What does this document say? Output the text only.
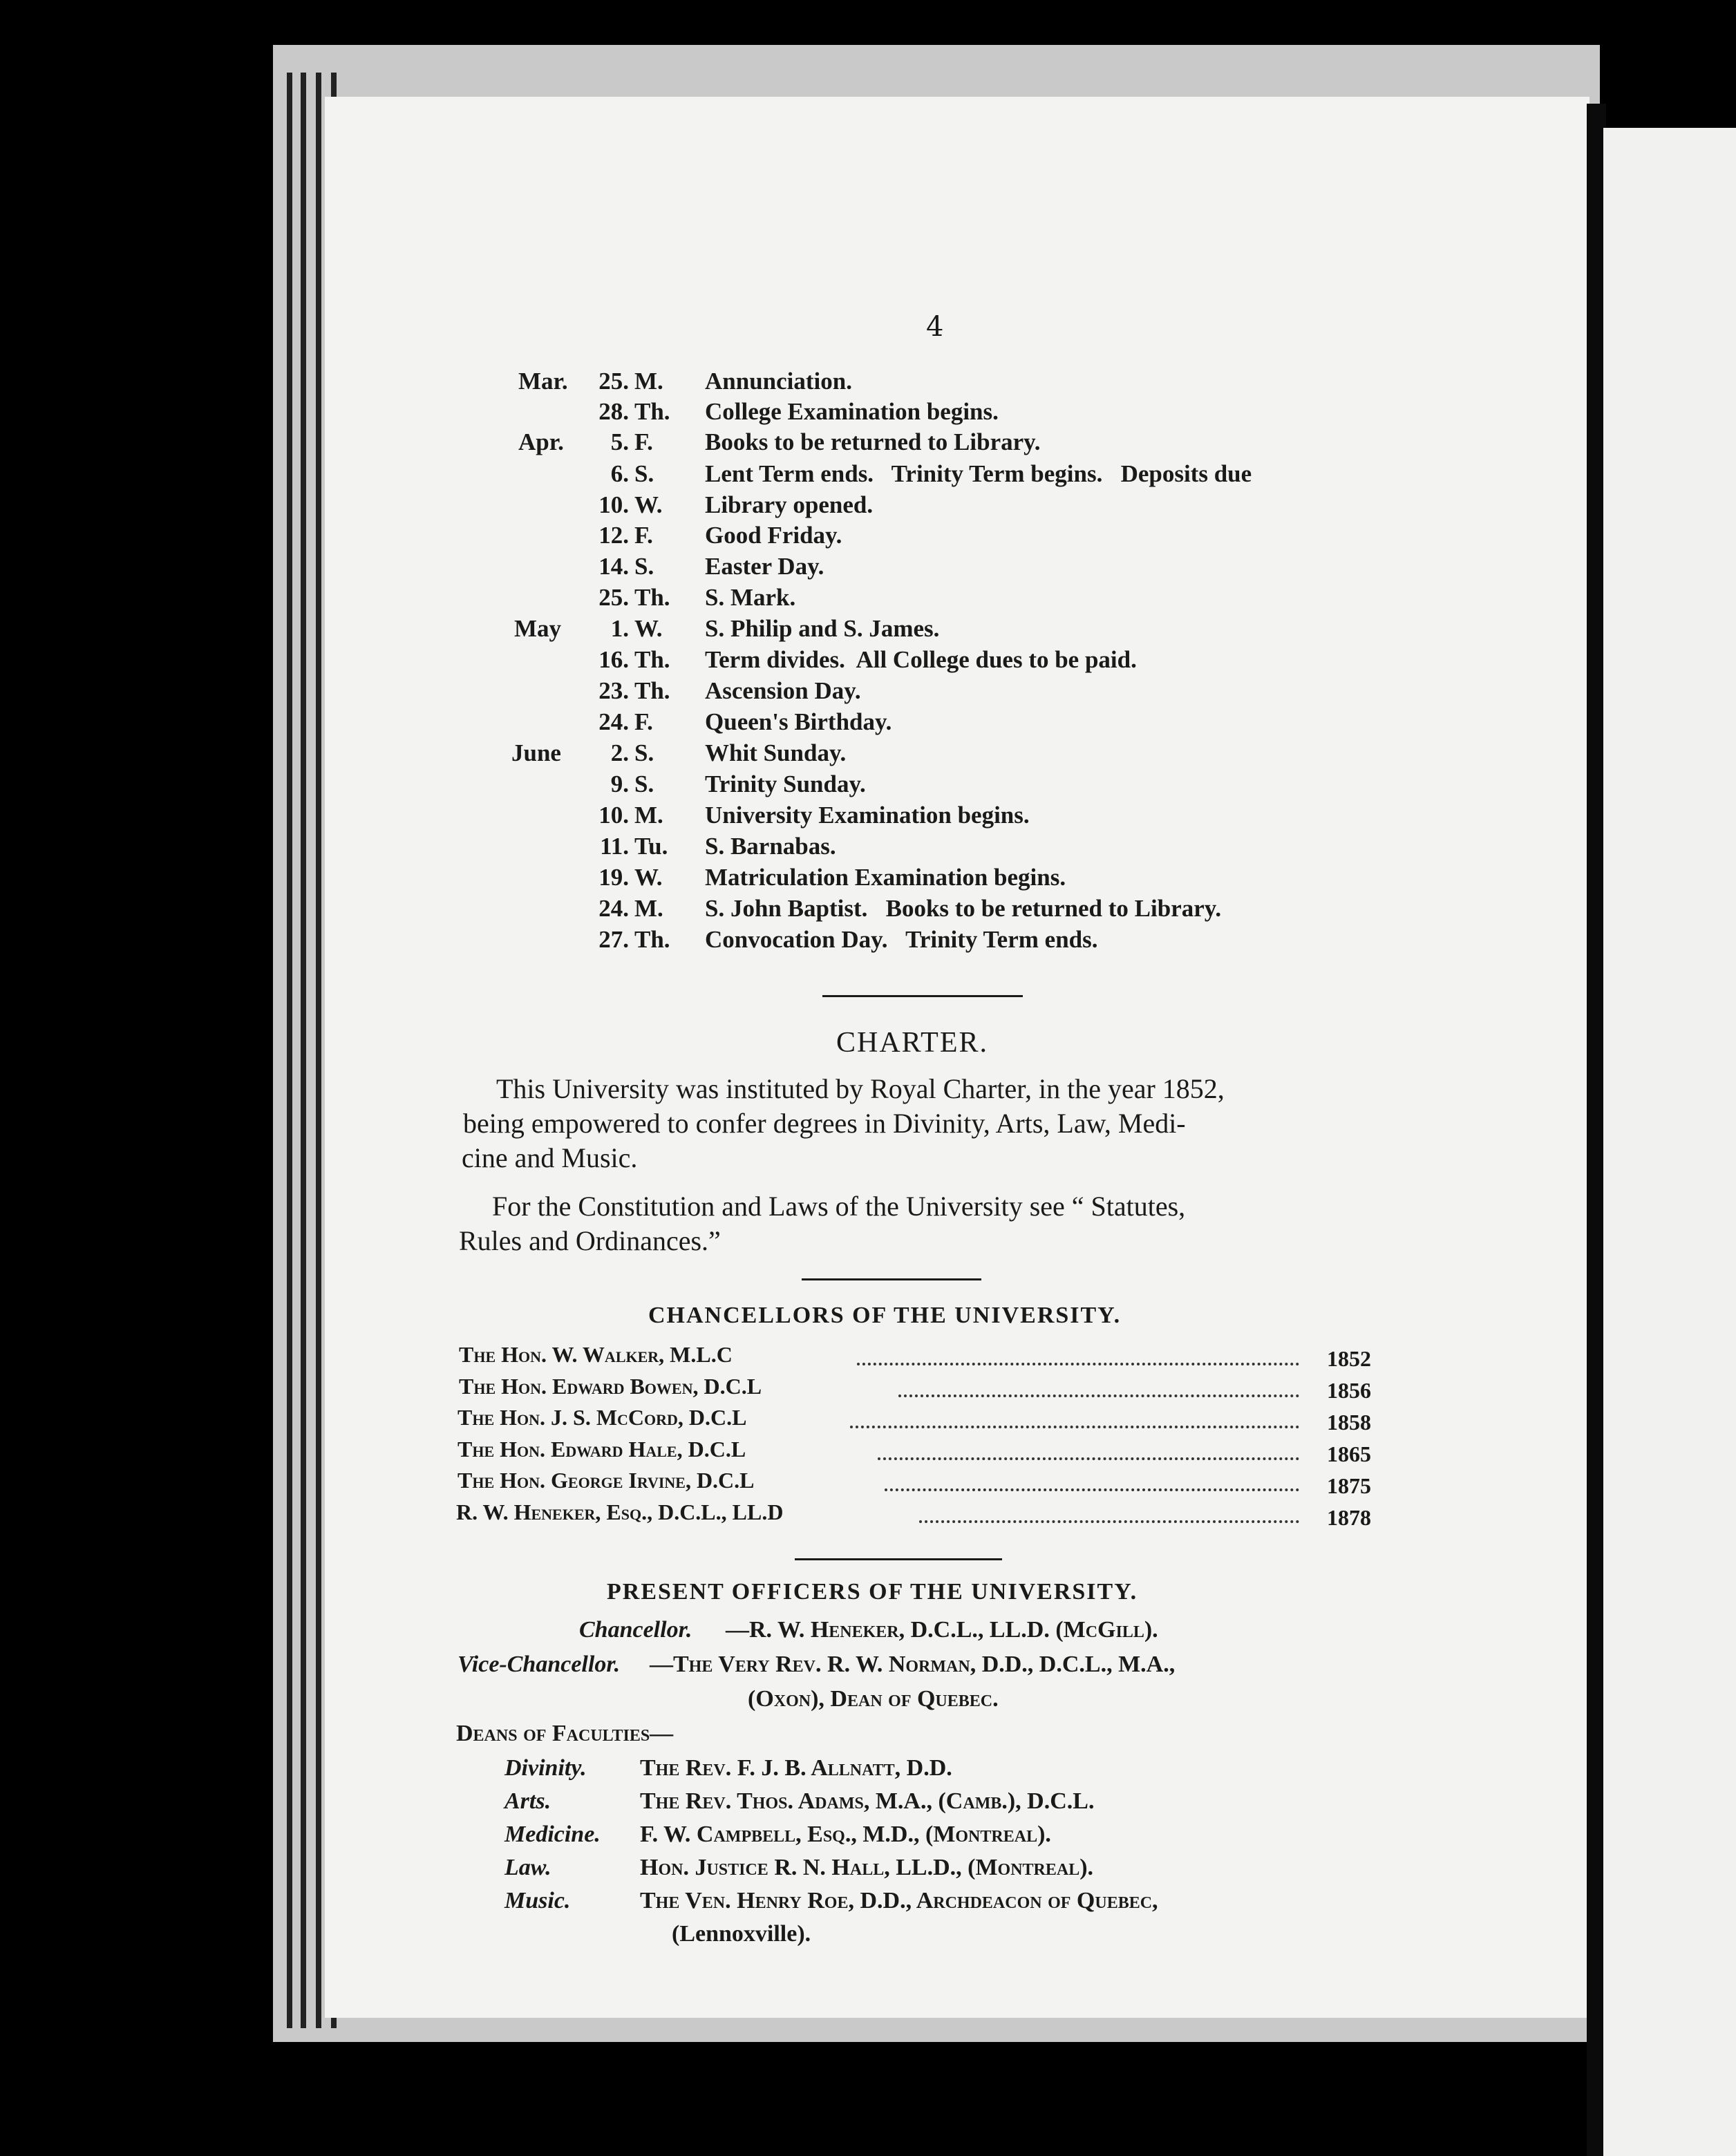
4
Mar.	25. M. Annunciation.
28. Th. College Examination begins.
Apr.	5. F. Books to be returned to Library.
6. S. Lent Term ends.   Trinity Term begins.   Deposits due
10. W. Library opened.
12. F. Good Friday.
14. S. Easter Day.
25. Th. S. Mark.
May	1. W. S. Philip and S. James.
16. Th. Term divides.  All College dues to be paid.
23. Th. Ascension Day.
24. F. Queen's Birthday.
June	2. S. Whit Sunday.
9. S. Trinity Sunday.
10. M. University Examination begins.
11. Tu. S. Barnabas.
19. W. Matriculation Examination begins.
24. M. S. John Baptist.   Books to be returned to Library.
27. Th. Convocation Day.   Trinity Term ends.
CHARTER.
This University was instituted by Royal Charter, in the year 1852,
being empowered to confer degrees in Divinity, Arts, Law, Medi-
cine and Music.
For the Constitution and Laws of the University see “ Statutes,
Rules and Ordinances.”
CHANCELLORS OF THE UNIVERSITY.
The Hon. W. Walker, M.L.C	1852
The Hon. Edward Bowen, D.C.L	1856
The Hon. J. S. McCord, D.C.L	1858
The Hon. Edward Hale, D.C.L	1865
The Hon. George Irvine, D.C.L	1875
R. W. Heneker, Esq., D.C.L., LL.D	1878
PRESENT OFFICERS OF THE UNIVERSITY.
Chancellor. —R. W. Heneker, D.C.L., LL.D. (McGill).
Vice-Chancellor. —The Very Rev. R. W. Norman, D.D., D.C.L., M.A.,
(Oxon), Dean of Quebec.
Deans of Faculties—
Divinity. The Rev. F. J. B. Allnatt, D.D.
Arts.	The Rev. Thos. Adams, M.A., (Camb.), D.C.L.
Medicine. F. W. Campbell, Esq., M.D., (Montreal).
Law.	Hon. Justice R. N. Hall, LL.D., (Montreal).
Music.	The Ven. Henry Roe, D.D., Archdeacon of Quebec,
(Lennoxville).
